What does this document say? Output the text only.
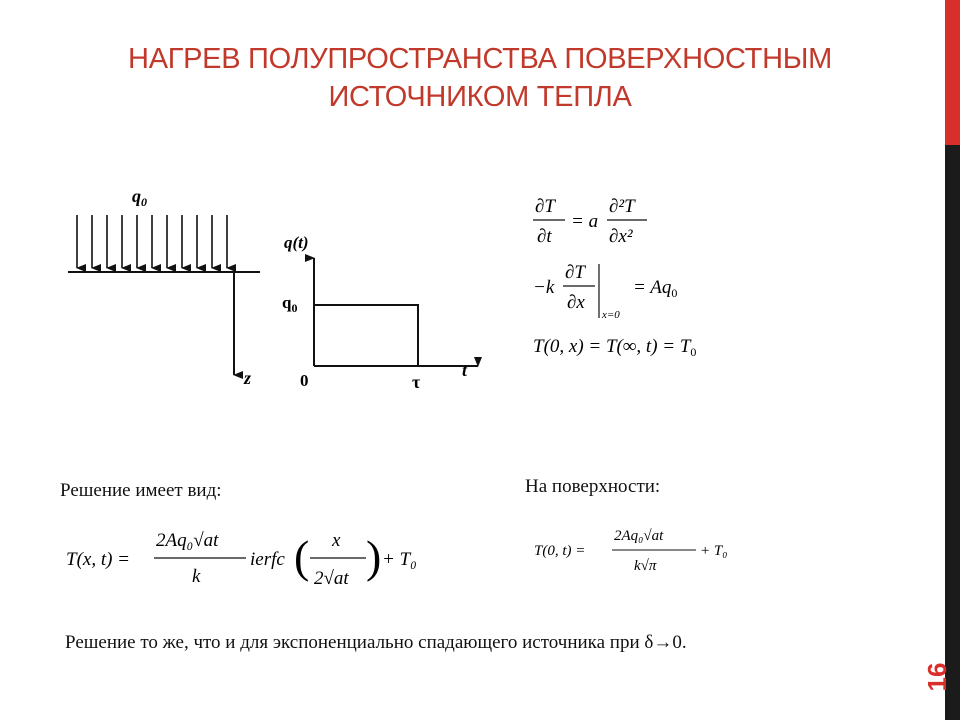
16
НАГРЕВ ПОЛУПРОСТРАНСТВА ПОВЕРХНОСТНЫМ
ИСТОЧНИКОМ ТЕПЛА
$q_0$
z
q(t)
$q_0$
0	τ
t
∂T
∂t
= a
∂²T
∂x²
−k
∂T
∂x
x=0
= $Aq_0$
T(0, x) = T(∞, $t) = T_0$
Решение имеет вид:	На поверхности:
T(x, t) =
2Aq₀√at
k
ierfc ( x
2√at ) + T₀	T(0, t) =
2Aq₀√at
k√π
+ T₀
Решение то же, что и для экспоненциально спадающего источника при δ→0.
